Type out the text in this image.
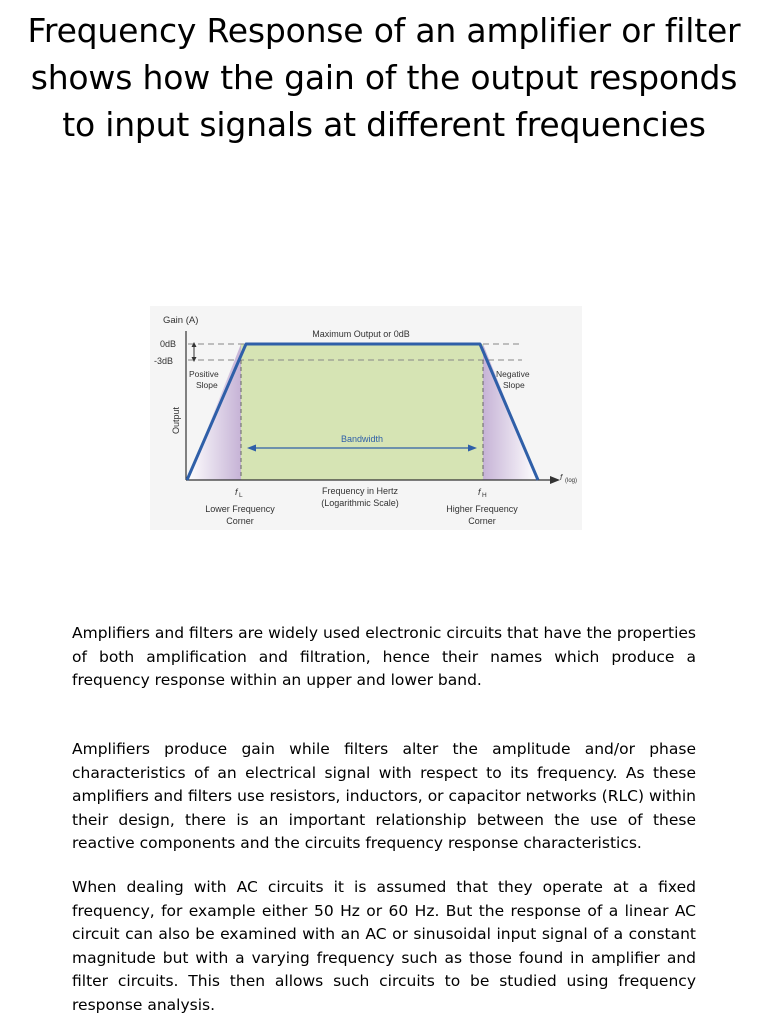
Frequency Response of an amplifier or filter shows how the gain of the output responds to input signals at different frequencies
Gain (A)
0dB
-3dB
Output
Maximum Output or 0dB
Positive
Slope
Negative
Slope
Bandwidth
f (log)
f L	f H
Lower Frequency
Corner
Frequency in Hertz
(Logarithmic Scale)
Higher Frequency
Corner

Amplifiers and filters are widely used electronic circuits that have the properties of both amplification and filtration, hence their names which produce a frequency response within an upper and lower band.

Amplifiers produce gain while filters alter the amplitude and/or phase characteristics of an electrical signal with respect to its frequency. As these amplifiers and filters use resistors, inductors, or capacitor networks (RLC) within their design, there is an important relationship between the use of these reactive components and the circuits frequency response characteristics.

When dealing with AC circuits it is assumed that they operate at a fixed frequency, for example either 50 Hz or 60 Hz. But the response of a linear AC circuit can also be examined with an AC or sinusoidal input signal of a constant magnitude but with a varying frequency such as those found in amplifier and filter circuits. This then allows such circuits to be studied using frequency response analysis.
